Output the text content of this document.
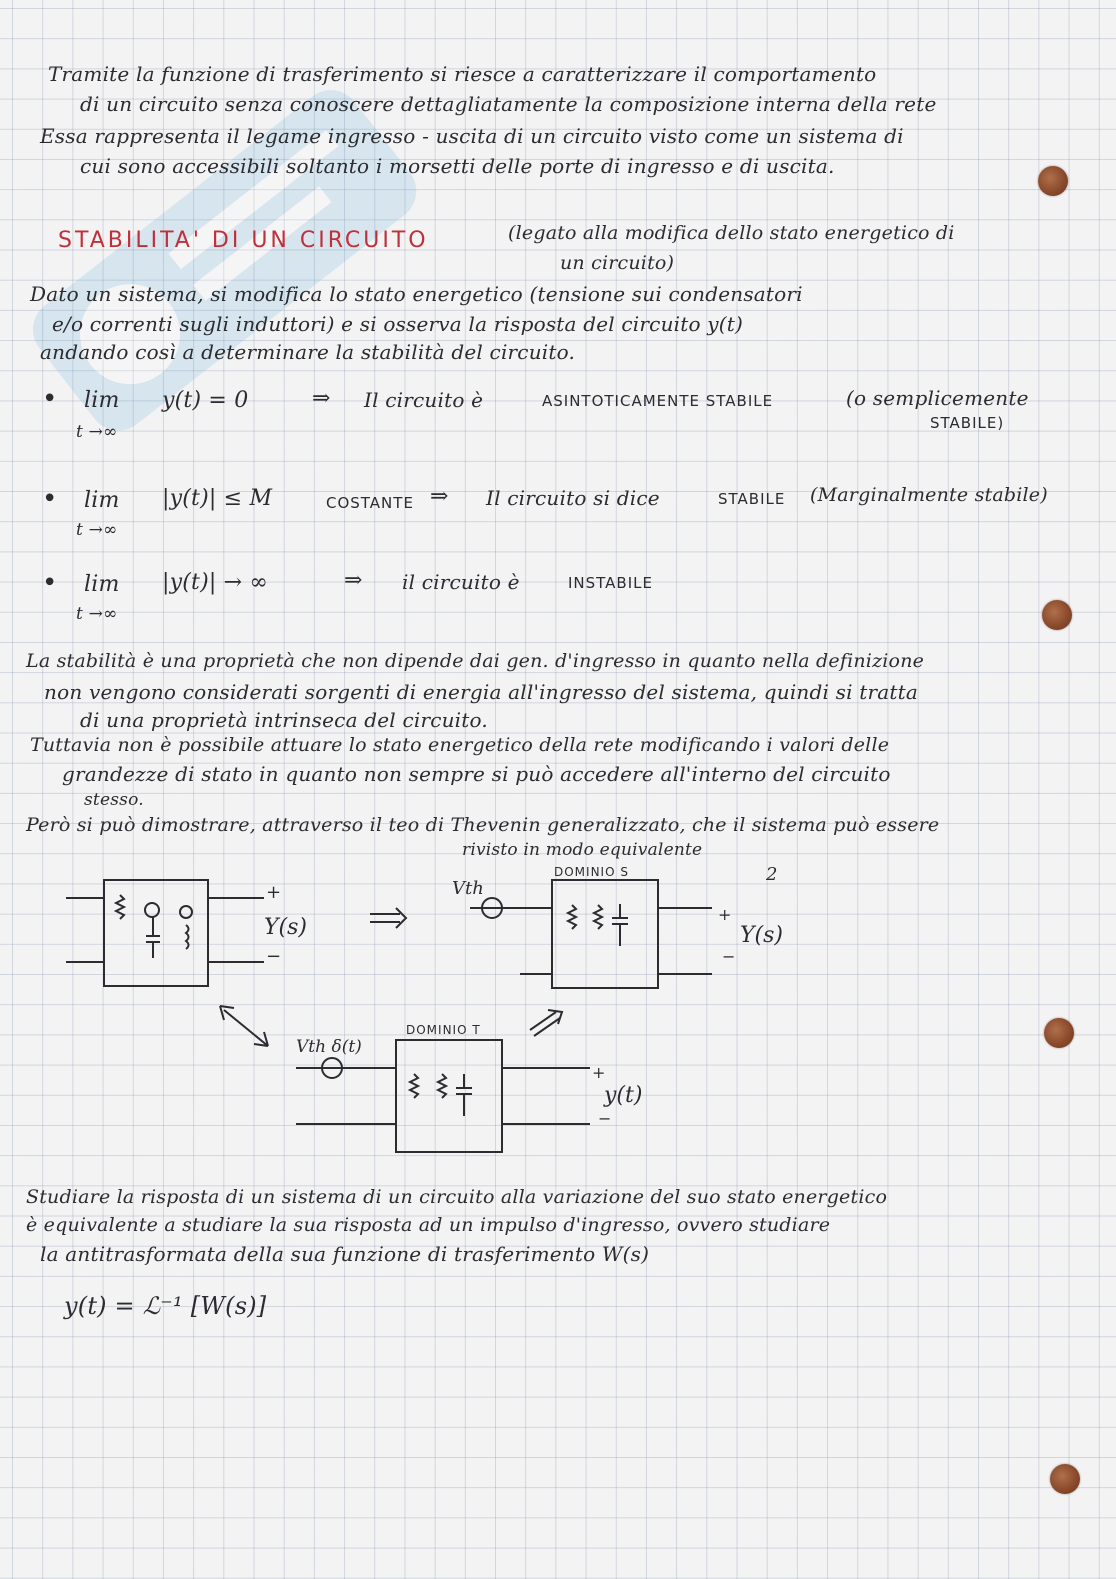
Tramite la funzione di trasferimento si riesce a caratterizzare il comportamento

di un circuito senza conoscere dettagliatamente la composizione interna della rete

Essa rappresenta il legame ingresso - uscita di un circuito visto come un sistema di

cui sono accessibili soltanto i morsetti delle porte di ingresso e di uscita.

STABILITA' DI UN CIRCUITO	(legato alla modifica dello stato energetico di

un circuito)

Dato un sistema, si modifica lo stato energetico (tensione sui condensatori

e/o correnti sugli induttori) e si osserva la risposta del circuito y(t)

andando così a determinare la stabilità del circuito.

• lim

t →∞

y(t) = 0	⇒ Il circuito è	ASINTOTICAMENTE STABILE	(o semplicemente

STABILE)

• lim

t →∞

|y(t)| ≤ M	COSTANTE ⇒ Il circuito si dice	STABILE (Marginalmente stabile)

• lim

t →∞

|y(t)| → ∞	⇒ il circuito è	INSTABILE

La stabilità è una proprietà che non dipende dai gen. d'ingresso in quanto nella definizione

non vengono considerati sorgenti di energia all'ingresso del sistema, quindi si tratta

di una proprietà intrinseca del circuito.

Tuttavia non è possibile attuare lo stato energetico della rete modificando i valori delle

grandezze di stato in quanto non sempre si può accedere all'interno del circuito

stesso.

Però si può dimostrare, attraverso il teo di Thevenin generalizzato, che il sistema può essere

rivisto in modo equivalente

+
Y(s)
−
Vth
DOMINIO S	2
+
Y(s)
−
Vth δ(t)
DOMINIO T
+
y(t)
−

Studiare la risposta di un sistema di un circuito alla variazione del suo stato energetico

è equivalente a studiare la sua risposta ad un impulso d'ingresso, ovvero studiare

la antitrasformata della sua funzione di trasferimento W(s)

y(t) = ℒ⁻¹ [W(s)]
